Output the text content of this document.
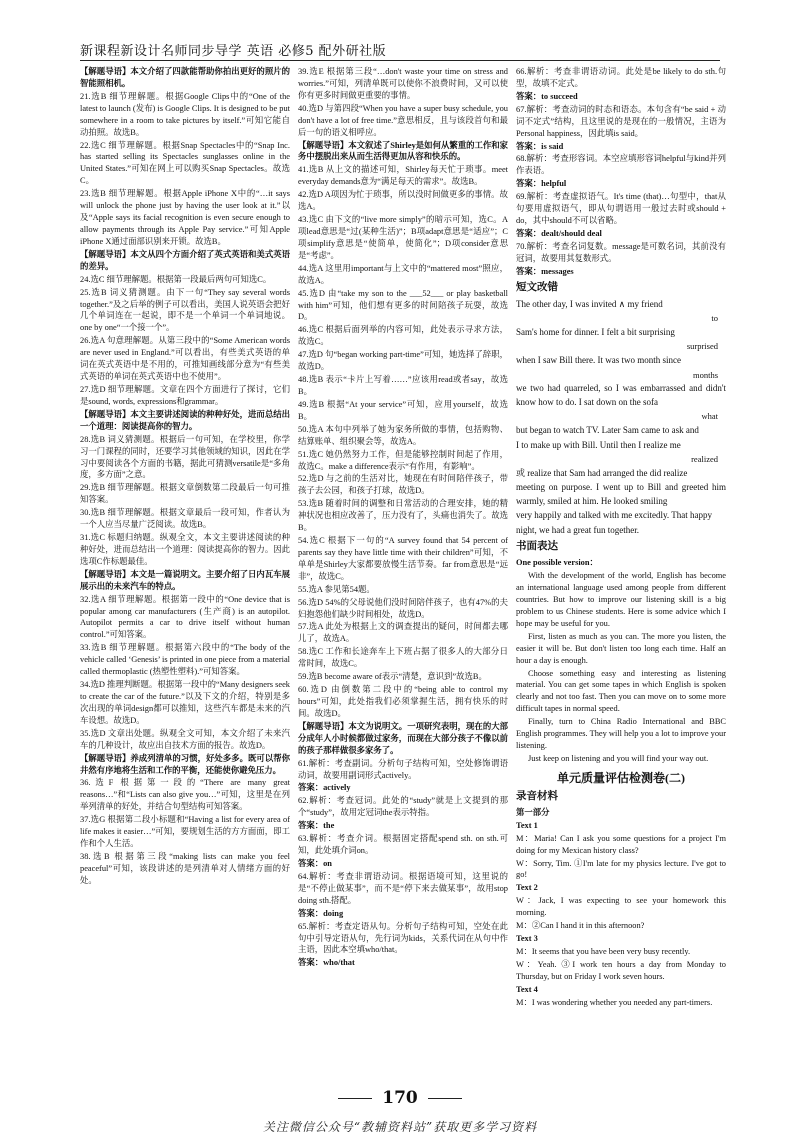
新课程新设计名师同步导学 英语 必修5 配外研社版

【解题导语】本文介绍了四款能帮助你拍出更好的照片的智能照相机。

21.选B 细节理解题。根据Google Clips中的“One of the latest to launch (发布) is Google Clips. It is designed to be put somewhere in a room to take pictures by itself.”可知它能自动拍照。故选B。

22.选C 细节理解题。根据Snap Spectacles中的“Snap Inc. has started selling its Spectacles sunglasses online in the United States.”可知在网上可以购买Snap Spectacles。故选C。

23.选B 细节理解题。根据Apple iPhone X中的“…it says will unlock the phone just by having the user look at it.”以及“Apple says its facial recognition is even secure enough to allow payments through its Apple Pay service.”可知Apple iPhone X通过面部识别来开锁。故选B。

【解题导语】本文从四个方面介绍了英式英语和美式英语的差异。

24.选C 细节理解题。根据第一段最后两句可知选C。

25.选B 词义猜测题。由下一句“They say several words together.”及之后举的例子可以看出，美国人说英语会把好几个单词连在一起说，即不是一个单词一个单词地说。one by one“一个接一个”。

26.选A 句意理解题。从第三段中的“Some American words are never used in England.”可以看出，有些美式英语的单词在英式英语中是不用的，可推知画线部分意为“有些美式英语的单词在英式英语中也不使用”。

27.选D 细节理解题。文章在四个方面进行了探讨，它们是sound, words, expressions和grammar。

【解题导语】本文主要讲述阅读的种种好处，进而总结出一个道理：阅读提高你的智力。

28.选B 词义猜测题。根据后一句可知，在学校里，你学习一门课程的同时，还要学习其他领域的知识，因此在学习中要阅读各个方面的书籍，据此可猜测versatile是“多角度，多方面”之意。

29.选B 细节理解题。根据文章倒数第二段最后一句可推知答案。

30.选B 细节理解题。根据文章最后一段可知，作者认为一个人应当尽量广泛阅读。故选B。

31.选C 标题归纳题。纵观全文，本文主要讲述阅读的种种好处，进而总结出一个道理：阅读提高你的智力。因此选项C作标题最佳。

【解题导语】本文是一篇说明文。主要介绍了日内瓦车展展示出的未来汽车的特点。

32.选A 细节理解题。根据第一段中的“One device that is popular among car manufacturers (生产商) is an autopilot. Autopilot permits a car to drive itself without human control.”可知答案。

33.选B 细节理解题。根据第六段中的“The body of the vehicle called ‘Genesis’ is printed in one piece from a material called thermoplastic (热塑性塑料).”可知答案。

34.选D 推理判断题。根据第一段中的“Many designers seek to create the car of the future.”以及下文的介绍，特别是多次出现的单词design都可以推知，这些汽车都是未来的汽车设想。故选D。

35.选D 文章出处题。纵观全文可知，本文介绍了未来汽车的几种设计，故应出自技术方面的报告。故选D。

【解题导语】养成列清单的习惯，好处多多。既可以帮你井然有序地将生活和工作的平衡，还能使你避免压力。

36.选F 根据第一段的“There are many great reasons…”和“Lists can also give you…”可知，这里是在列举列清单的好处，并结合句型结构可知答案。

37.选G 根据第二段小标题和“Having a list for every area of life makes it easier…”可知，要规划生活的方方面面，即工作和个人生活。

38.选B 根据第三段“making lists can make you feel peaceful”可知，该段讲述的是列清单对人情绪方面的好处。

39.选E 根据第三段“…don't waste your time on stress and worries.”可知，列清单既可以使你不浪费时间，又可以使你有更多时间做更重要的事情。

40.选D 与第四段“When you have a super busy schedule, you don't have a lot of free time.”意思相反，且与该段首句和最后一句的语义相呼应。

【解题导语】本文叙述了Shirley是如何从繁重的工作和家务中摆脱出来从而生活得更加从容和快乐的。

41.选B 从上文的描述可知，Shirley每天忙于琐事。meet everyday demands意为“满足每天的需求”。故选B。

42.选D A项因为忙于琐事，所以没时间做更多的事情。故选A。

43.选C 由下文的“live more simply”的暗示可知，选C。A项lead意思是“过(某种生活)”；B项adapt意思是“适应”；C项simplify意思是“使简单，使简化”；D项consider意思是“考虑”。

44.选A 这里用important与上文中的“mattered most”照应，故选A。

45.选D 由“take my son to the ___52___ or play basketball with him”可知，他们想有更多的时间陪孩子玩耍，故选D。

46.选C 根据后面列举的内容可知，此处表示寻求方法，故选C。

47.选D 句“began working part-time”可知，她选择了辞职，故选D。

48.选B 表示“卡片上写着……”应该用read或者say，故选B。

49.选B 根据“At your service”可知，应用yourself，故选B。

50.选A 本句中列举了她为家务所做的事情，包括购物、结算账单、组织聚会等，故选A。

51.选C 她仍然努力工作，但是能够控制时间起了作用，故选C。make a difference表示“有作用，有影响”。

52.选D 与之前的生活对比，她现在有时间陪伴孩子，带孩子去公园，和孩子打球，故选D。

53.选B 随着时间的调整和日常活动的合理安排，她的精神状况也相应改善了，压力没有了，头痛也消失了。故选B。

54.选C 根据下一句的“A survey found that 54 percent of parents say they have little time with their children”可知，不单单是Shirley大家都要放慢生活节奏。far from意思是“远非”，故选C。

55.选A 参见第54题。

56.选D 54%的父母说他们没时间陪伴孩子，也有47%的夫妇抱怨他们缺少时间相处，故选D。

57.选A 此处为根据上文的调查提出的疑问，时间都去哪儿了，故选A。

58.选C 工作和长途奔车上下班占据了很多人的大部分日常时间，故选C。

59.选B become aware of表示“清楚，意识到”故选B。

60.选D 由倒数第二段中的“being able to control my hours”可知，此处指我们必须掌握生活，拥有快乐的时间。故选D。

【解题导语】本文为说明文。一项研究表明，现在的大部分成年人小时候都做过家务，而现在大部分孩子不像以前的孩子那样做很多家务了。

61.解析：考查副词。分析句子结构可知，空处修饰谓语动词，故要用副词形式actively。

答案：actively

62.解析：考查冠词。此处的“study”就是上文提到的那个“study”，故用定冠词the表示特指。

答案：the

63.解析：考查介词。根据固定搭配spend sth. on sth.可知，此处填介词on。

答案：on

64.解析：考查非谓语动词。根据语境可知，这里说的是“不停止做某事”，而不是“停下来去做某事”，故用stop doing sth.搭配。

答案：doing

65.解析：考查定语从句。分析句子结构可知，空处在此句中引导定语从句，先行词为kids，关系代词在从句中作主语，因此本空填who/that。

答案：who/that

66.解析：考查非谓语动词。此处是be likely to do sth.句型，故填不定式。

答案：to succeed

67.解析：考查动词的时态和语态。本句含有“be said + 动词不定式”结构，且这里说的是现在的一般情况，主语为Personal happiness，因此填is said。

答案：is said

68.解析：考查形容词。本空应填形容词helpful与kind并列作表语。

答案：helpful

69.解析：考查虚拟语气。It's time (that)…句型中，that从句要用虚拟语气，即从句谓语用一般过去时或should + do，其中should不可以省略。

答案：dealt/should deal

70.解析：考查名词复数。message是可数名词，其前没有冠词，故要用其复数形式。

答案：messages

短文改错

The other day, I was invited ∧ my friend

to

Sam's home for dinner. I felt a bit surprising

surprised

when I saw Bill there. It was two month since

months

we two had quarreled, so I was embarrassed and didn't know how to do. I sat down on the sofa

what

but began to watch TV. Later Sam came to ask and

I to make up with Bill. Until then I realize me

realized

或 realize that Sam had arranged the did realize

meeting on purpose. I went up to Bill and greeted him warmly, smiled at him. He looked smiling

very happily and talked with me excitedly. That happy

night, we had a great fun together.

书面表达

One possible version：

With the development of the world, English has become an international language used among people from different countries. But how to improve our listening skill is a big problem to us Chinese students. Here is some advice which I hope may be useful for you.

First, listen as much as you can. The more you listen, the easier it will be. But don't listen too long each time. Half an hour a day is enough.

Choose something easy and interesting as listening material. You can get some tapes in which English is spoken clearly and not too fast. Then you can move on to some more difficult tapes in normal speed.

Finally, turn to China Radio International and BBC English programmes. They will help you a lot to improve your listening.

Just keep on listening and you will find your way out.

单元质量评估检测卷(二)
录音材料

第一部分

Text 1

M：Maria! Can I ask you some questions for a project I'm doing for my Mexican history class?

W：Sorry, Tim. ①I'm late for my physics lecture. I've got to go!

Text 2

W：Jack, I was expecting to see your homework this morning.

M：②Can I hand it in this afternoon?

Text 3

M：It seems that you have been very busy recently.

W：Yeah. ③I work ten hours a day from Monday to Thursday, but on Friday I work seven hours.

Text 4

M：I was wondering whether you needed any part-timers.

170
关注微信公众号“教辅资料站”获取更多学习资料
